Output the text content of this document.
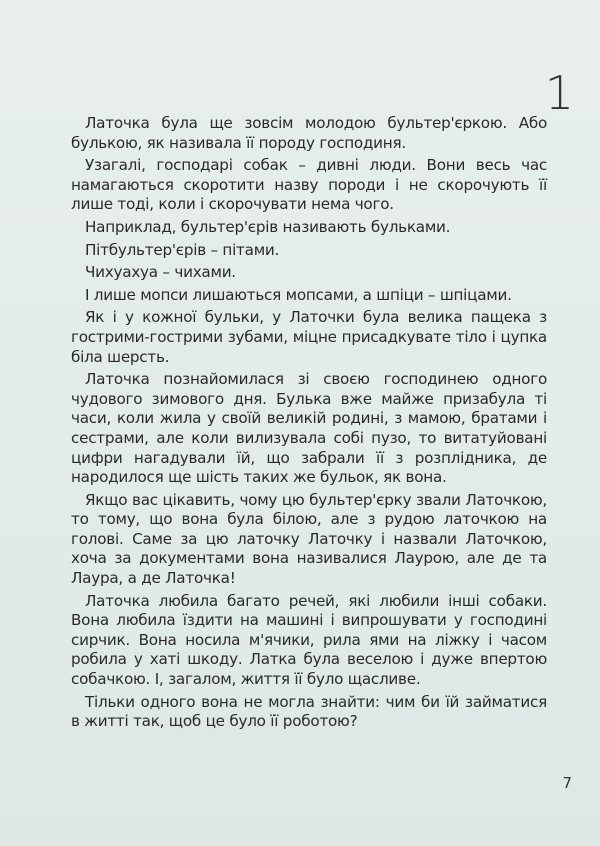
1

Латочка була ще зовсім молодою бультер'єркою. Або булькою, як називала її породу господиня.

Узагалі, господарі собак – дивні люди. Вони весь час намагаються скоротити назву породи і не скорочують її лише тоді, коли і скорочувати нема чого.

Наприклад, бультер'єрів називають бульками.

Пітбультер'єрів – пітами.

Чихуахуа – чихами.

І лише мопси лишаються мопсами, а шпіци – шпіцами.

Як і у кожної бульки, у Латочки була велика пащека з гострими-гострими зубами, міцне присадкувате тіло і цупка біла шерсть.

Латочка познайомилася зі своєю господинею одного чудового зимового дня. Булька вже майже призабула ті часи, коли жила у своїй великій родині, з мамою, братами і сестрами, але коли вилизувала собі пузо, то витатуйовані цифри нагадували їй, що забрали її з розплідника, де народилося ще шість таких же бульок, як вона.

Якщо вас цікавить, чому цю бультер'єрку звали Латочкою, то тому, що вона була білою, але з рудою латочкою на голові. Саме за цю латочку Латочку і назвали Латочкою, хоча за документами вона називалися Лаурою, але де та Лаура, а де Латочка!

Латочка любила багато речей, які любили інші собаки. Вона любила їздити на машині і випрошувати у господині сирчик. Вона носила м'ячики, рила ями на ліжку і часом робила у хаті шкоду. Латка була веселою і дуже впертою собачкою. І, загалом, життя її було щасливе.

Тільки одного вона не могла знайти: чим би їй займатися в житті так, щоб це було її роботою?

7
